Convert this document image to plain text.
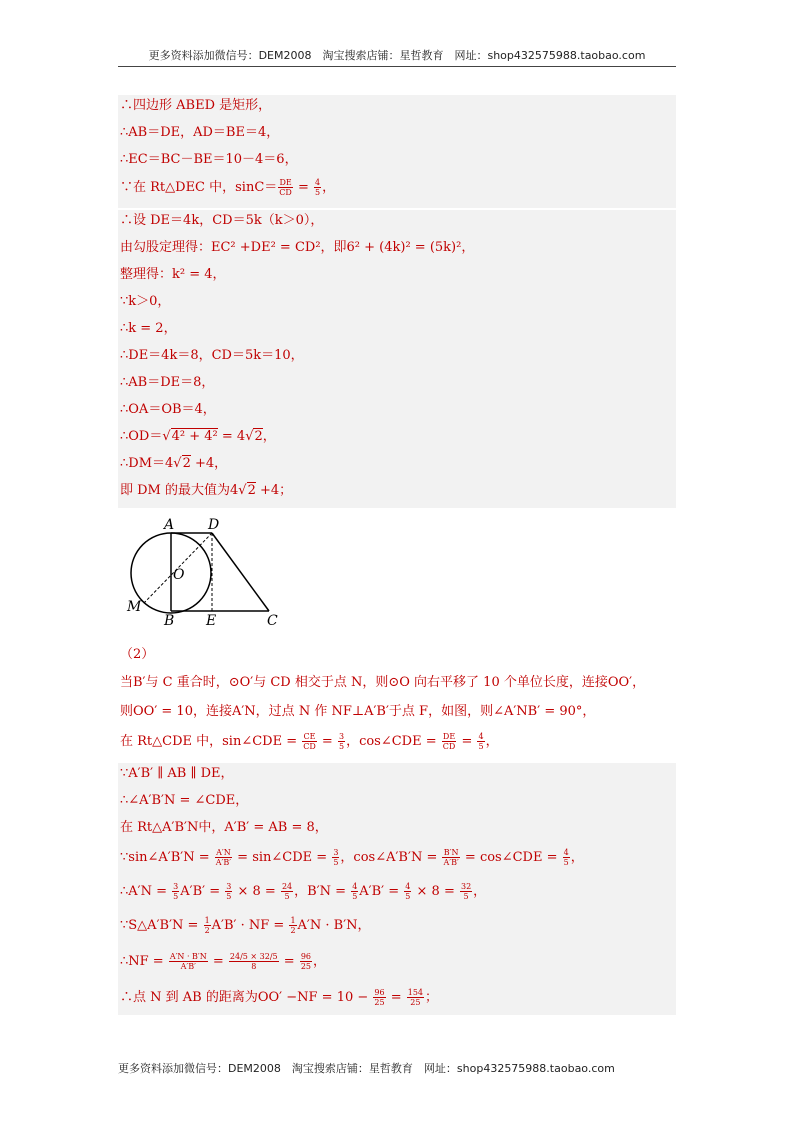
更多资料添加微信号：DEM2008　淘宝搜索店铺：星哲教育　网址：shop432575988.taobao.com
∴四边形 ABED 是矩形，
∴AB＝DE，AD＝BE＝4，
∴EC＝BC－BE＝10－4＝6，
∵在 Rt△DEC 中，$\sin C= \frac{DE}{CD} = \frac{4}{5}$ ，
∴设 DE＝4k，CD＝5k（k＞0），
由勾股定理得：EC² +DE² = CD²，即6² + (4k)² = (5k)²，
整理得：k² = 4，
∵k＞0，
∴k = 2，
∴DE＝4k＝8，CD＝5k＝10，
∴AB＝DE＝8，
∴OA＝OB＝4，
∴OD＝√4² + 4² = 4√2，
∴DM＝4√2 +4，
即 DM 的最大值为4√2 +4；
A D
O
M
B E	C
（2）
当B′与 C 重合时，⊙O′与 CD 相交于点 N，则⊙O 向右平移了 10 个单位长度，连接OO′，
则OO′ = 10，连接A′N，过点 N 作 NF⊥A′B′于点 F，如图，则∠A′NB′ = 90°，
在 Rt△CDE 中，sin∠CDE = $\frac{CE}{CD} = \frac{3}{5}$ ，cos∠CDE = $\frac{DE}{CD} = \frac{4}{5}$ ，
∵A′B′ ∥ AB ∥ DE，
∴∠A′B′N = ∠CDE，
在 Rt△A′B′N中，A′B′ = AB = 8，
∵sin∠A′B′N = $\frac{A'N}{A'B'}$ = sin∠CDE = $\frac{3}{5}$ ，cos∠A′B′N = $\frac{B'N}{A'B'}$ = cos∠CDE = $\frac{4}{5}$ ，
∴A′N = $\frac{3}{5} A'B' = \frac{3}{5} \times 8 = \frac{24}{5}$ ，$B'N = \frac{4}{5} A'B' = \frac{4}{5} \times 8 = \frac{32}{5}$ ，
∵S△A′B′N = $\frac{1}{2} A'B'$ · NF = $\frac{1}{2} A'N \cdot B'N$，
∴NF = $\frac{A'N \cdot B'N}{A'B'} = \frac{24/5 \times 32/5}{8} = \frac{96}{25}$ ，
∴点 N 到 AB 的距离为$OO' -NF = 10 - \frac{96}{25} = \frac{154}{25}$ ；
更多资料添加微信号：DEM2008　淘宝搜索店铺：星哲教育　网址：shop432575988.taobao.com
